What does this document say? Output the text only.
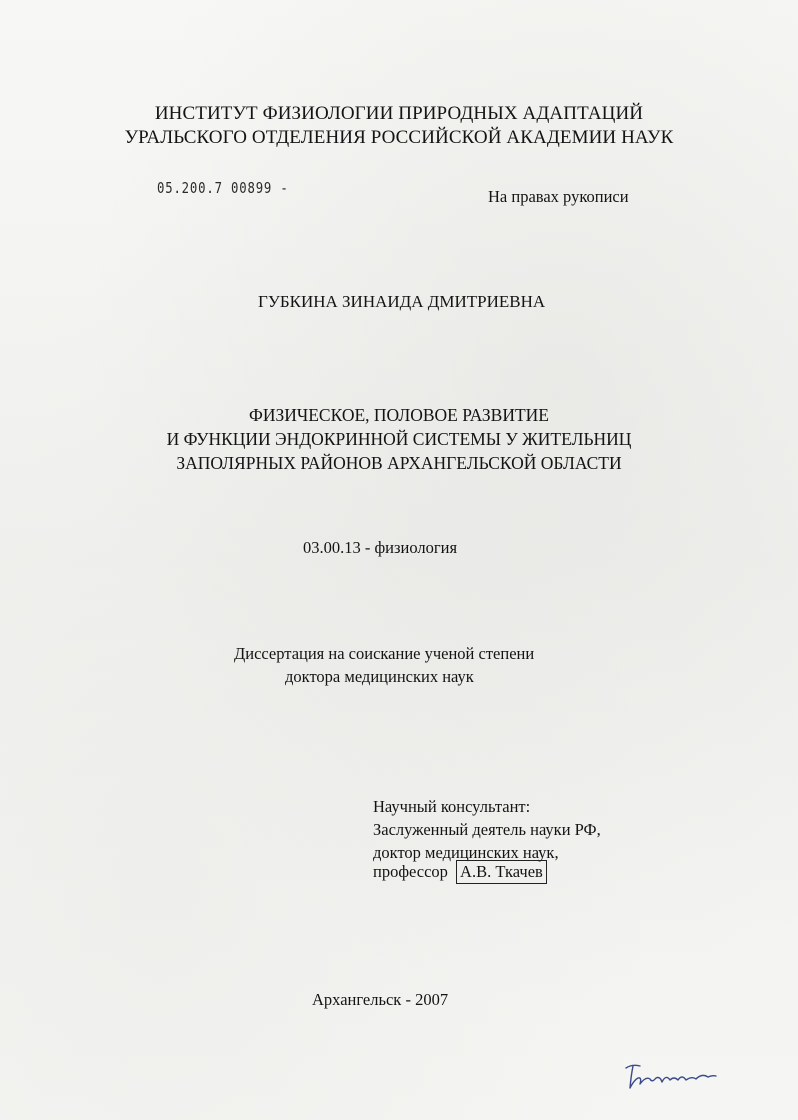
ИНСТИТУТ ФИЗИОЛОГИИ ПРИРОДНЫХ АДАПТАЦИЙ
УРАЛЬСКОГО ОТДЕЛЕНИЯ РОССИЙСКОЙ АКАДЕМИИ НАУК
05.200.7 00899 -	На правах рукописи
ГУБКИНА ЗИНАИДА ДМИТРИЕВНА
ФИЗИЧЕСКОЕ, ПОЛОВОЕ РАЗВИТИЕ
И ФУНКЦИИ ЭНДОКРИННОЙ СИСТЕМЫ У ЖИТЕЛЬНИЦ
ЗАПОЛЯРНЫХ РАЙОНОВ АРХАНГЕЛЬСКОЙ ОБЛАСТИ
03.00.13 - физиология
Диссертация на соискание ученой степени
доктора медицинских наук
Научный консультант:
Заслуженный деятель науки РФ,
доктор медицинских наук,
профессор А.В. Ткачев
Архангельск - 2007
